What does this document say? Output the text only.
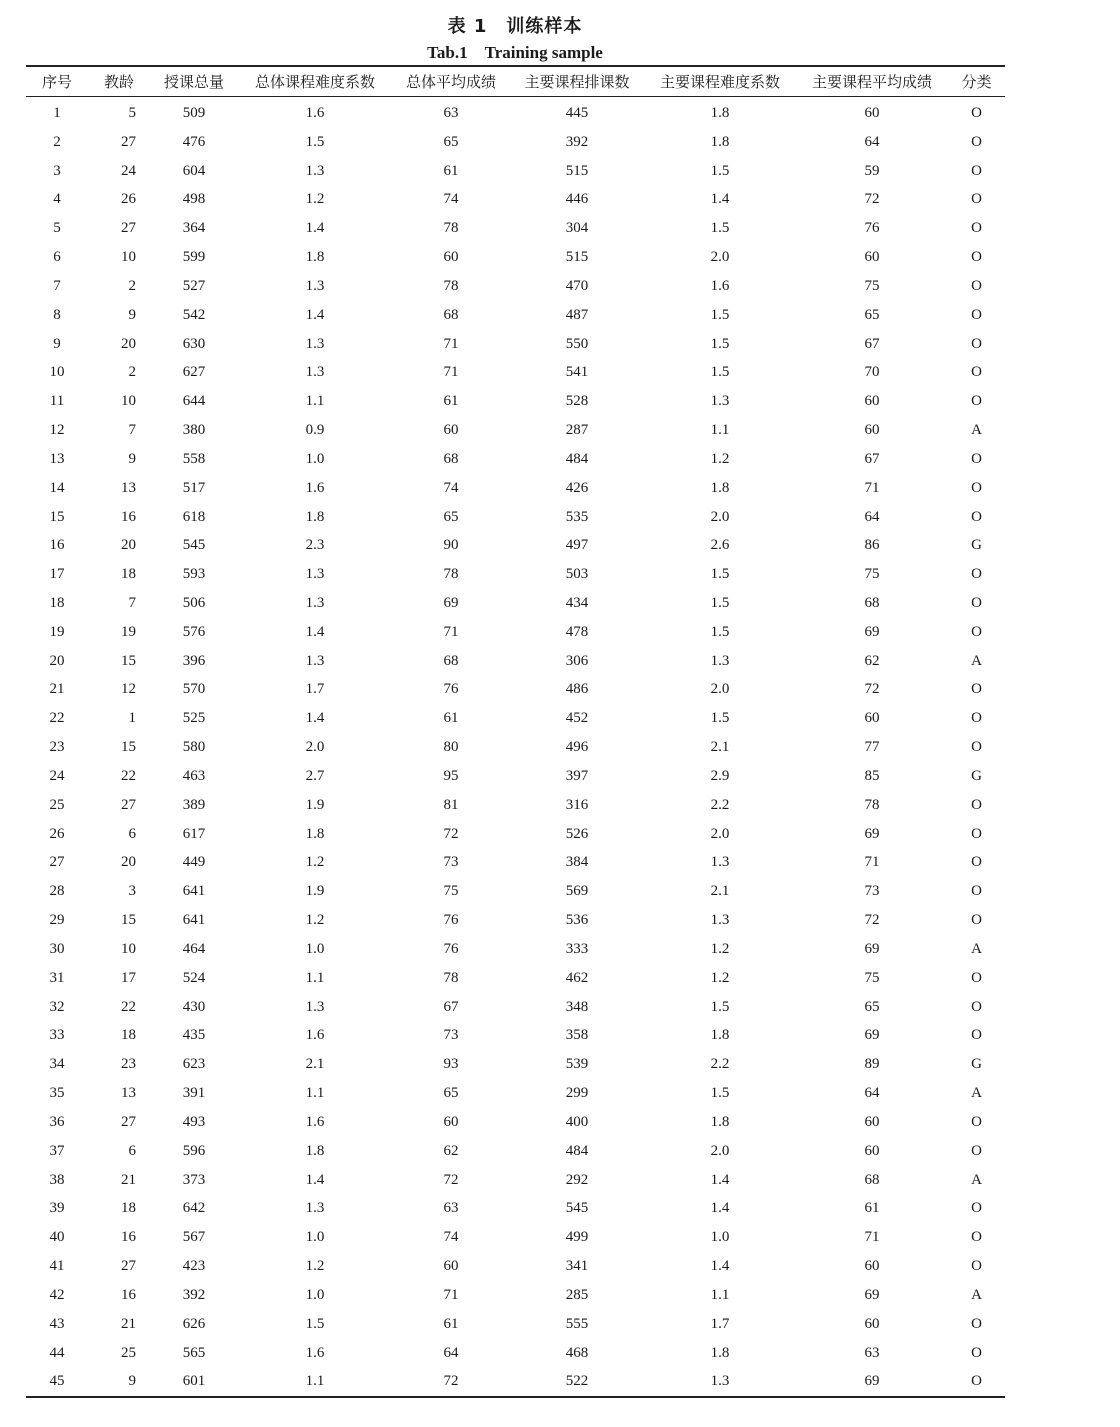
表 1　训练样本
Tab.1　Training sample
序号	教龄	授课总量	总体课程难度系数	总体平均成绩	主要课程排课数	主要课程难度系数	主要课程平均成绩	分类
1	5	509	1.6	63	445	1.8	60	O
2	27	476	1.5	65	392	1.8	64	O
3	24	604	1.3	61	515	1.5	59	O
4	26	498	1.2	74	446	1.4	72	O
5	27	364	1.4	78	304	1.5	76	O
6	10	599	1.8	60	515	2.0	60	O
7	2	527	1.3	78	470	1.6	75	O
8	9	542	1.4	68	487	1.5	65	O
9	20	630	1.3	71	550	1.5	67	O
10	2	627	1.3	71	541	1.5	70	O
11	10	644	1.1	61	528	1.3	60	O
12	7	380	0.9	60	287	1.1	60	A
13	9	558	1.0	68	484	1.2	67	O
14	13	517	1.6	74	426	1.8	71	O
15	16	618	1.8	65	535	2.0	64	O
16	20	545	2.3	90	497	2.6	86	G
17	18	593	1.3	78	503	1.5	75	O
18	7	506	1.3	69	434	1.5	68	O
19	19	576	1.4	71	478	1.5	69	O
20	15	396	1.3	68	306	1.3	62	A
21	12	570	1.7	76	486	2.0	72	O
22	1	525	1.4	61	452	1.5	60	O
23	15	580	2.0	80	496	2.1	77	O
24	22	463	2.7	95	397	2.9	85	G
25	27	389	1.9	81	316	2.2	78	O
26	6	617	1.8	72	526	2.0	69	O
27	20	449	1.2	73	384	1.3	71	O
28	3	641	1.9	75	569	2.1	73	O
29	15	641	1.2	76	536	1.3	72	O
30	10	464	1.0	76	333	1.2	69	A
31	17	524	1.1	78	462	1.2	75	O
32	22	430	1.3	67	348	1.5	65	O
33	18	435	1.6	73	358	1.8	69	O
34	23	623	2.1	93	539	2.2	89	G
35	13	391	1.1	65	299	1.5	64	A
36	27	493	1.6	60	400	1.8	60	O
37	6	596	1.8	62	484	2.0	60	O
38	21	373	1.4	72	292	1.4	68	A
39	18	642	1.3	63	545	1.4	61	O
40	16	567	1.0	74	499	1.0	71	O
41	27	423	1.2	60	341	1.4	60	O
42	16	392	1.0	71	285	1.1	69	A
43	21	626	1.5	61	555	1.7	60	O
44	25	565	1.6	64	468	1.8	63	O
45	9	601	1.1	72	522	1.3	69	O
